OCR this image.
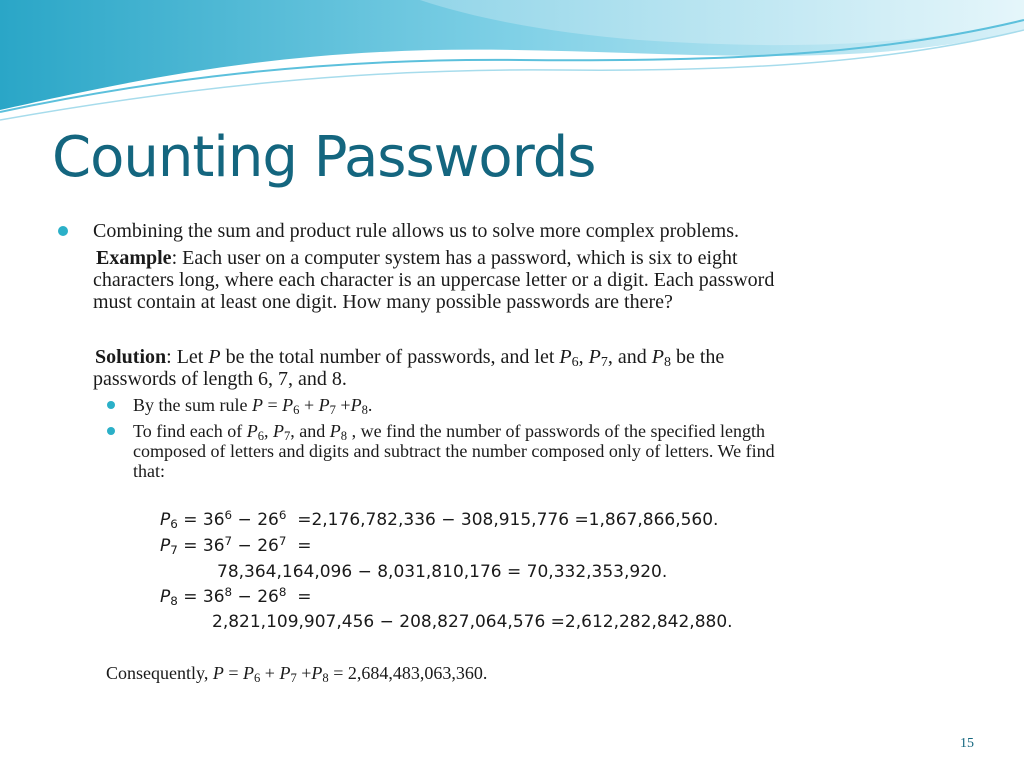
Counting Passwords
Combining the sum and product rule allows us to solve more complex problems.
Example: Each user on a computer system has a password, which is six to eight
characters long, where each character is an uppercase letter or a digit. Each password
must contain at least one digit. How many possible passwords are there?
Solution: Let P be the total number of passwords, and let $P_6$, $P_7$, and $P_8$ be the
passwords of length 6, 7, and 8.
By the sum rule $P = P_6 + P_7 +P_8$.
To find each of $P_6$, $P_7$, and $P_8$ , we find the number of passwords of the specified length
composed of letters and digits and subtract the number composed only of letters. We find
that:
$P_6 = 36^6 - 26^6 =2,176,782,336 - 308,915,776 =1,867,866,560$.
$P_7 = 36^7 - 26^7$ =
78,364,164,096 − 8,031,810,176 = 70,332,353,920.
$P_8 = 36^8 - 26^8$ =
2,821,109,907,456 − 208,827,064,576 =2,612,282,842,880.
Consequently, $P = P_6 + P_7 +P_8 = 2,684,483,063,360$.
15
